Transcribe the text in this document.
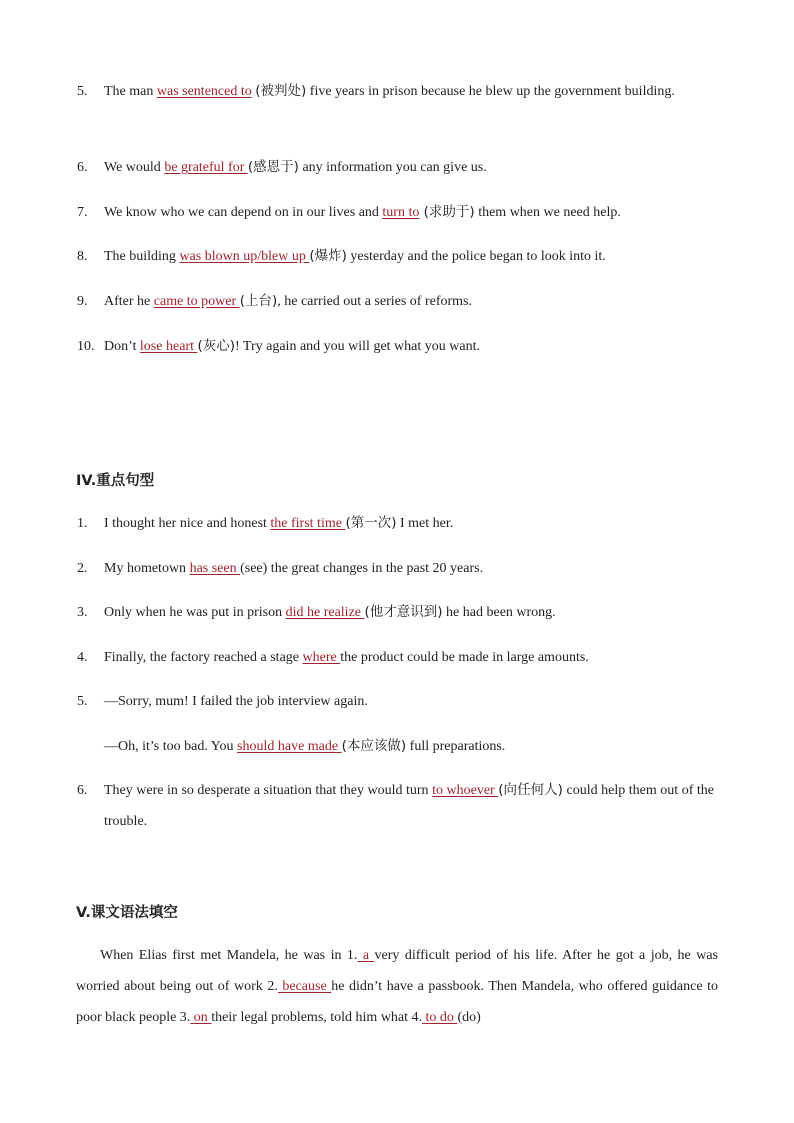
5.	The man was sentenced to (被判处) five years in prison because he blew up the government building.
6.	We would be grateful for (感恩于) any information you can give us.
7.	We know who we can depend on in our lives and turn to (求助于) them when we need help.
8.	The building was blown up/blew up (爆炸) yesterday and the police began to look into it.
9.	After he came to power (上台), he carried out a series of reforms.
10. Don’t lose heart (灰心)! Try again and you will get what you want.
IV.重点句型
1.	I thought her nice and honest the first time (第一次) I met her.
2.	My hometown has seen (see) the great changes in the past 20 years.
3.	Only when he was put in prison did he realize (他才意识到) he had been wrong.
4.	Finally, the factory reached a stage where the product could be made in large amounts.
5.	—Sorry, mum! I failed the job interview again.
—Oh, it’s too bad. You should have made (本应该做) full preparations.
6.	They were in so desperate a situation that they would turn to whoever (向任何人) could help them out of the trouble.
V.课文语法填空
When Elias first met Mandela, he was in 1. a very difficult period of his life. After he got a job, he was worried about being out of work 2. because he didn’t have a passbook. Then Mandela, who offered guidance to poor black people 3. on their legal problems, told him what 4. to do (do)
